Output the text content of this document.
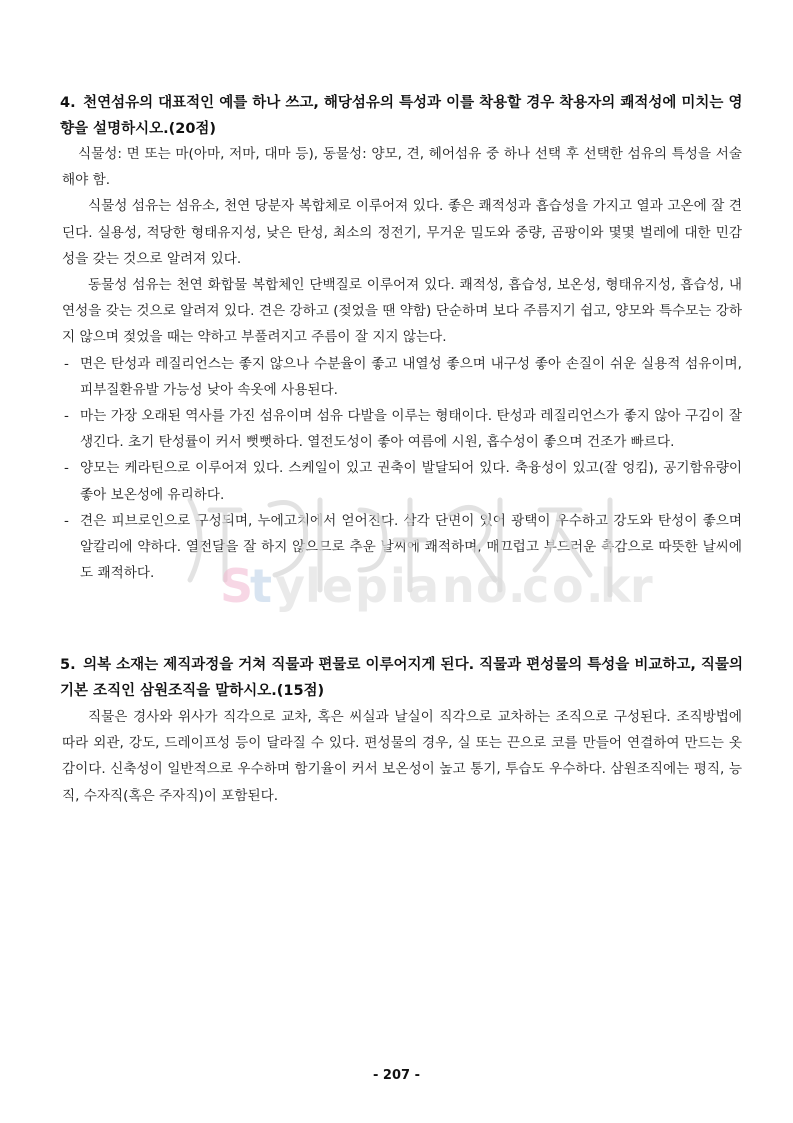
4. 천연섬유의 대표적인 예를 하나 쓰고, 해당섬유의 특성과 이를 착용할 경우 착용자의 쾌적성에 미치는 영향을 설명하시오.(20점)

식물성: 면 또는 마(아마, 저마, 대마 등), 동물성: 양모, 견, 헤어섬유 중 하나 선택 후 선택한 섬유의 특성을 서술해야 함.

식물성 섬유는 섬유소, 천연 당분자 복합체로 이루어져 있다. 좋은 쾌적성과 흡습성을 가지고 열과 고온에 잘 견딘다. 실용성, 적당한 형태유지성, 낮은 탄성, 최소의 정전기, 무거운 밀도와 중량, 곰팡이와 몇몇 벌레에 대한 민감성을 갖는 것으로 알려져 있다.

동물성 섬유는 천연 화합물 복합체인 단백질로 이루어져 있다. 쾌적성, 흡습성, 보온성, 형태유지성, 흡습성, 내연성을 갖는 것으로 알려져 있다. 견은 강하고 (젖었을 땐 약함) 단순하며 보다 주름지기 쉽고, 양모와 특수모는 강하지 않으며 젖었을 때는 약하고 부풀려지고 주름이 잘 지지 않는다.

- 면은 탄성과 레질리언스는 좋지 않으나 수분율이 좋고 내열성 좋으며 내구성 좋아 손질이 쉬운 실용적 섬유이며, 피부질환유발 가능성 낮아 속옷에 사용된다.
- 마는 가장 오래된 역사를 가진 섬유이며 섬유 다발을 이루는 형태이다. 탄성과 레질리언스가 좋지 않아 구김이 잘 생긴다. 초기 탄성률이 커서 뻣뻣하다. 열전도성이 좋아 여름에 시원, 흡수성이 좋으며 건조가 빠르다.
- 양모는 케라틴으로 이루어져 있다. 스케일이 있고 권축이 발달되어 있다. 축융성이 있고(잘 엉킴), 공기함유량이 좋아 보온성에 유리하다.
- 견은 피브로인으로 구성되며, 누에고치에서 얻어진다. 삼각 단면이 있어 광택이 우수하고 강도와 탄성이 좋으며 알칼리에 약하다. 열전달을 잘 하지 않으므로 추운 날씨에 쾌적하며, 매끄럽고 부드러운 촉감으로 따뜻한 날씨에도 쾌적하다.
5. 의복 소재는 제직과정을 거쳐 직물과 편물로 이루어지게 된다. 직물과 편성물의 특성을 비교하고, 직물의 기본 조직인 삼원조직을 말하시오.(15점)

직물은 경사와 위사가 직각으로 교차, 혹은 씨실과 날실이 직각으로 교차하는 조직으로 구성된다. 조직방법에 따라 외관, 강도, 드레이프성 등이 달라질 수 있다. 편성물의 경우, 실 또는 끈으로 코를 만들어 연결하여 만드는 옷감이다. 신축성이 일반적으로 우수하며 함기율이 커서 보온성이 높고 통기, 투습도 우수하다. 삼원조직에는 평직, 능직, 수자직(혹은 주자직)이 포함된다.

S
t y l e p i a n o .
c o .
k r
- 207 -
